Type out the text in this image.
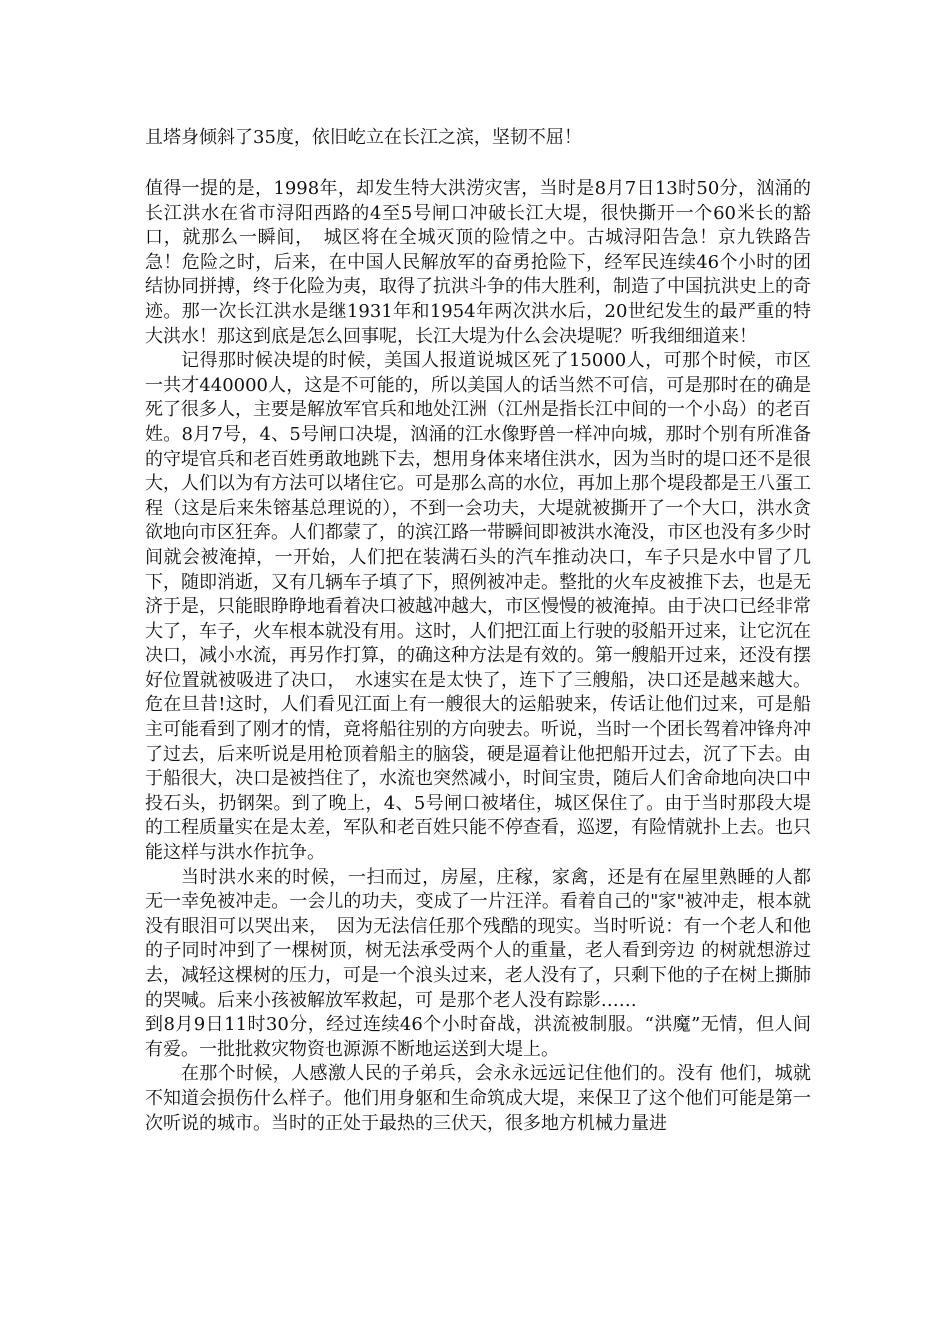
且塔身倾斜了35度，依旧屹立在长江之滨，坚韧不屈！

值得一提的是，1998年，却发生特大洪涝灾害，当时是8月7日13时50分，汹涌的长江洪水在省市浔阳西路的4至5号闸口冲破长江大堤，很快撕开一个60米长的豁口，就那么一瞬间，　城区将在全城灭顶的险情之中。古城浔阳告急！京九铁路告急！危险之时，后来，在中国人民解放军的奋勇抢险下，经军民连续46个小时的团结协同拼搏，终于化险为夷，取得了抗洪斗争的伟大胜利，制造了中国抗洪史上的奇迹。那一次长江洪水是继1931年和1954年两次洪水后，20世纪发生的最严重的特大洪水！那这到底是怎么回事呢，长江大堤为什么会决堤呢？听我细细道来！

记得那时候决堤的时候，美国人报道说城区死了15000人，可那个时候，市区一共才440000人，这是不可能的，所以美国人的话当然不可信，可是那时在的确是死了很多人，主要是解放军官兵和地处江洲（江州是指长江中间的一个小岛）的老百姓。8月7号，4、5号闸口决堤，汹涌的江水像野兽一样冲向城，那时个别有所准备的守堤官兵和老百姓勇敢地跳下去，想用身体来堵住洪水，因为当时的堤口还不是很大，人们以为有方法可以堵住它。可是那么高的水位，再加上那个堤段都是王八蛋工程（这是后来朱镕基总理说的），不到一会功夫，大堤就被撕开了一个大口，洪水贪欲地向市区狂奔。人们都蒙了，的滨江路一带瞬间即被洪水淹没，市区也没有多少时间就会被淹掉，一开始，人们把在装满石头的汽车推动决口，车子只是水中冒了几下，随即消逝，又有几辆车子填了下，照例被冲走。整批的火车皮被推下去，也是无济于是，只能眼睁睁地看着决口被越冲越大，市区慢慢的被淹掉。由于决口已经非常大了，车子，火车根本就没有用。这时，人们把江面上行驶的驳船开过来，让它沉在决口，减小水流，再另作打算，的确这种方法是有效的。第一艘船开过来，还没有摆好位置就被吸进了决口，　水速实在是太快了，连下了三艘船，决口还是越来越大。危在旦昔!这时，人们看见江面上有一艘很大的运船驶来，传话让他们过来，可是船主可能看到了刚才的情，竟将船往别的方向驶去。听说，当时一个团长驾着冲锋舟冲了过去，后来听说是用枪顶着船主的脑袋，硬是逼着让他把船开过去，沉了下去。由于船很大，决口是被挡住了，水流也突然减小，时间宝贵，随后人们舍命地向决口中投石头，扔钢架。到了晚上，4、5号闸口被堵住，城区保住了。由于当时那段大堤的工程质量实在是太差，军队和老百姓只能不停查看，巡逻，有险情就扑上去。也只能这样与洪水作抗争。

当时洪水来的时候，一扫而过，房屋，庄稼，家禽，还是有在屋里熟睡的人都 无一幸免被冲走。一会儿的功夫，变成了一片汪洋。看着自己的"家"被冲走，根本就没有眼泪可以哭出来，　因为无法信任那个残酷的现实。当时听说：有一个老人和他的子同时冲到了一棵树顶，树无法承受两个人的重量，老人看到旁边 的树就想游过去，减轻这棵树的压力，可是一个浪头过来，老人没有了，只剩下他的子在树上撕肺的哭喊。后来小孩被解放军救起，可 是那个老人没有踪影……

到8月9日11时30分，经过连续46个小时奋战，洪流被制服。“洪魔”无情，但人间有爱。一批批救灾物资也源源不断地运送到大堤上。

在那个时候，人感激人民的子弟兵，会永永远远记住他们的。没有 他们，城就不知道会损伤什么样子。他们用身躯和生命筑成大堤，来保卫了这个他们可能是第一次听说的城市。当时的正处于最热的三伏天，很多地方机械力量进
